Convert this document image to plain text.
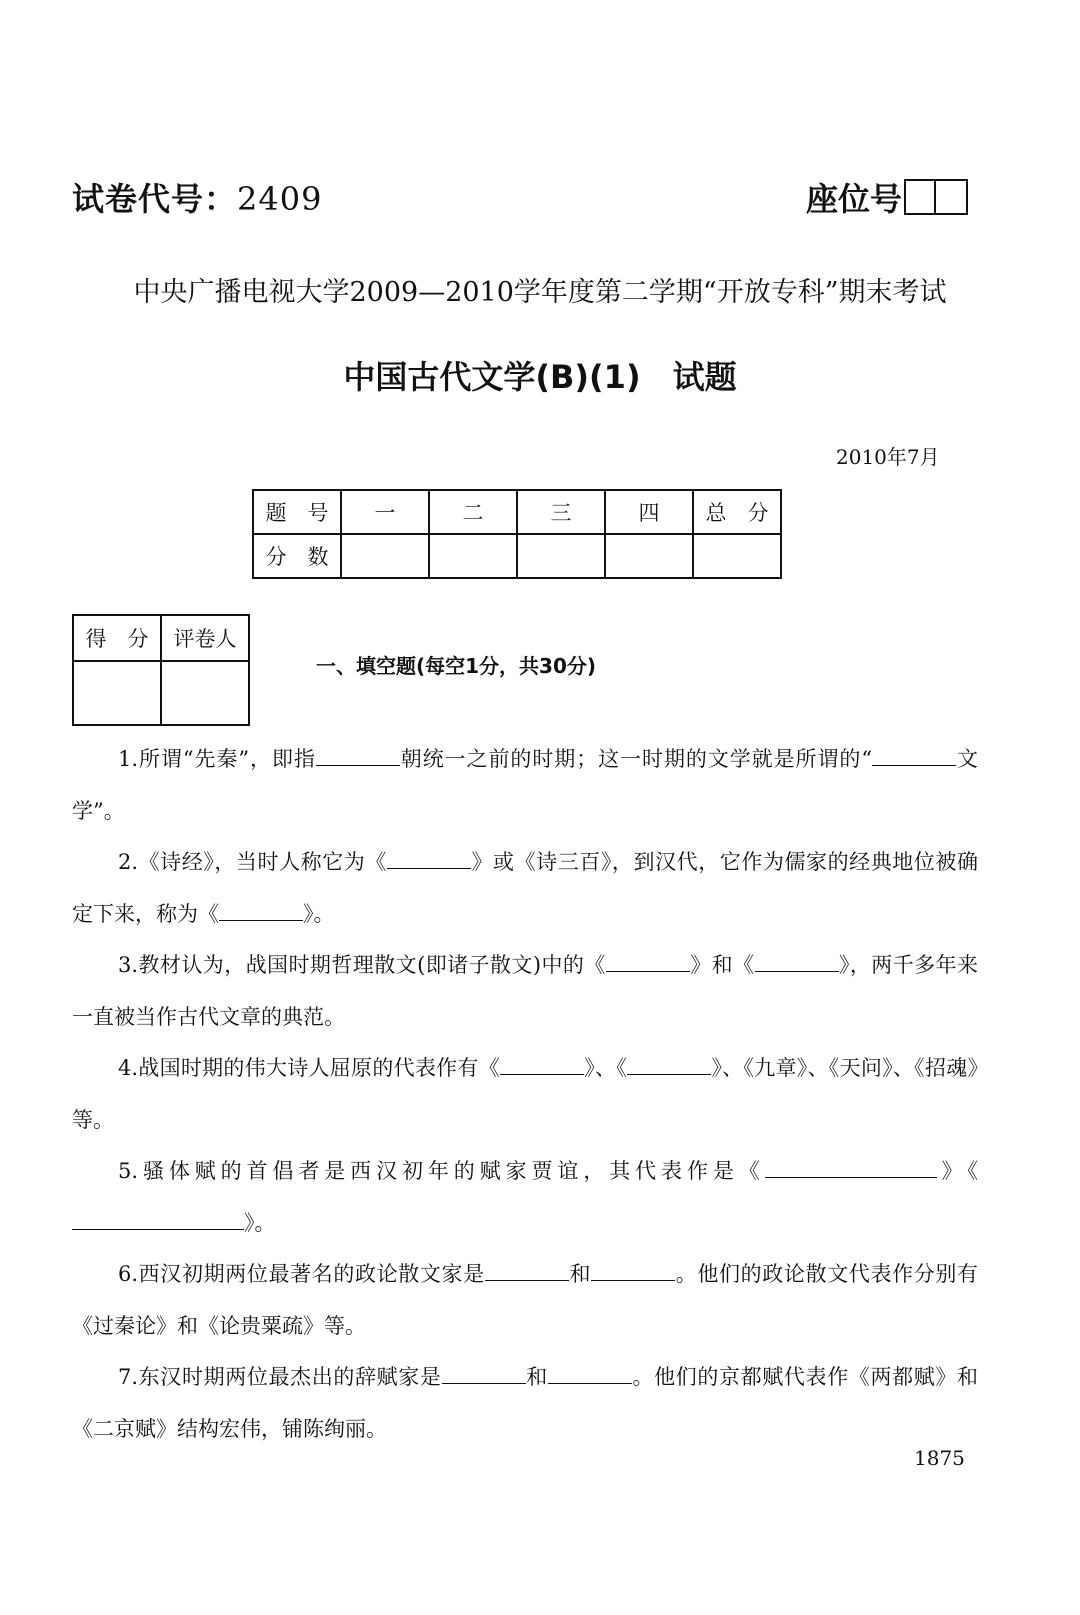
试卷代号：2409	座位号
中央广播电视大学2009—2010学年度第二学期“开放专科”期末考试
中国古代文学(B)(1)　试题
2010年7月
题　号	一	二	三	四	总　分
分　数					
得　分	评卷人

一、填空题(每空1分，共30分)
1.所谓“先秦”，即指	朝统一之前的时期；这一时期的文学就是所谓的“	文学”。
2.《诗经》，当时人称它为《	》或《诗三百》，到汉代，它作为儒家的经典地位被确定下来，称为《	》。
3.教材认为，战国时期哲理散文(即诸子散文)中的《	》和《	》，两千多年来一直被当作古代文章的典范。
4.战国时期的伟大诗人屈原的代表作有《	》、《	》、《九章》、《天问》、《招魂》等。
5.骚体赋的首倡者是西汉初年的赋家贾谊，其代表作是《	》《》。
6.西汉初期两位最著名的政论散文家是	和	。他们的政论散文代表作分别有《过秦论》和《论贵粟疏》等。
7.东汉时期两位最杰出的辞赋家是	和	。他们的京都赋代表作《两都赋》和《二京赋》结构宏伟，铺陈绚丽。
1875
